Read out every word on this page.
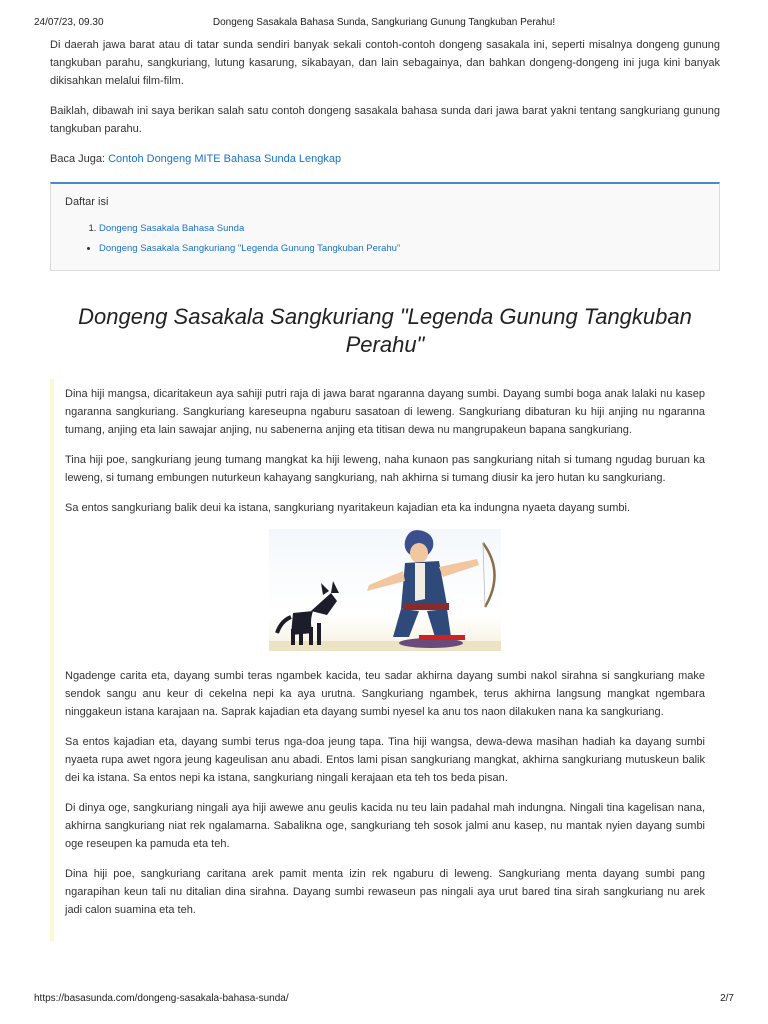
24/07/23, 09.30	Dongeng Sasakala Bahasa Sunda, Sangkuriang Gunung Tangkuban Perahu!

Di daerah jawa barat atau di tatar sunda sendiri banyak sekali contoh-contoh dongeng sasakala ini, seperti misalnya dongeng gunung tangkuban parahu, sangkuriang, lutung kasarung, sikabayan, dan lain sebagainya, dan bahkan dongeng-dongeng ini juga kini banyak dikisahkan melalui film-film.

Baiklah, dibawah ini saya berikan salah satu contoh dongeng sasakala bahasa sunda dari jawa barat yakni tentang sangkuriang gunung tangkuban parahu.

Baca Juga: Contoh Dongeng MITE Bahasa Sunda Lengkap

Daftar isi
1. Dongeng Sasakala Bahasa Sunda
• Dongeng Sasakala Sangkuriang "Legenda Gunung Tangkuban Perahu"
Dongeng Sasakala Sangkuriang "Legenda Gunung Tangkuban Perahu"

Dina hiji mangsa, dicaritakeun aya sahiji putri raja di jawa barat ngaranna dayang sumbi. Dayang sumbi boga anak lalaki nu kasep ngaranna sangkuriang. Sangkuriang kareseupna ngaburu sasatoan di leweng. Sangkuriang dibaturan ku hiji anjing nu ngaranna tumang, anjing eta lain sawajar anjing, nu sabenerna anjing eta titisan dewa nu mangrupakeun bapana sangkuriang.

Tina hiji poe, sangkuriang jeung tumang mangkat ka hiji leweng, naha kunaon pas sangkuriang nitah si tumang ngudag buruan ka leweng, si tumang embungen nuturkeun kahayang sangkuriang, nah akhirna si tumang diusir ka jero hutan ku sangkuriang.

Sa entos sangkuriang balik deui ka istana, sangkuriang nyaritakeun kajadian eta ka indungna nyaeta dayang sumbi.

Ngadenge carita eta, dayang sumbi teras ngambek kacida, teu sadar akhirna dayang sumbi nakol sirahna si sangkuriang make sendok sangu anu keur di cekelna nepi ka aya urutna. Sangkuriang ngambek, terus akhirna langsung mangkat ngembara ninggakeun istana karajaan na. Saprak kajadian eta dayang sumbi nyesel ka anu tos naon dilakuken nana ka sangkuriang.

Sa entos kajadian eta, dayang sumbi terus nga-doa jeung tapa. Tina hiji wangsa, dewa-dewa masihan hadiah ka dayang sumbi nyaeta rupa awet ngora jeung kageulisan anu abadi. Entos lami pisan sangkuriang mangkat, akhirna sangkuriang mutuskeun balik dei ka istana. Sa entos nepi ka istana, sangkuriang ningali kerajaan eta teh tos beda pisan.

Di dinya oge, sangkuriang ningali aya hiji awewe anu geulis kacida nu teu lain padahal mah indungna. Ningali tina kagelisan nana, akhirna sangkuriang niat rek ngalamarna. Sabalikna oge, sangkuriang teh sosok jalmi anu kasep, nu mantak nyien dayang sumbi oge reseupen ka pamuda eta teh.

Dina hiji poe, sangkuriang caritana arek pamit menta izin rek ngaburu di leweng. Sangkuriang menta dayang sumbi pang ngarapihan keun tali nu ditalian dina sirahna. Dayang sumbi rewaseun pas ningali aya urut bared tina sirah sangkuriang nu arek jadi calon suamina eta teh.

https://basasunda.com/dongeng-sasakala-bahasa-sunda/	2/7
